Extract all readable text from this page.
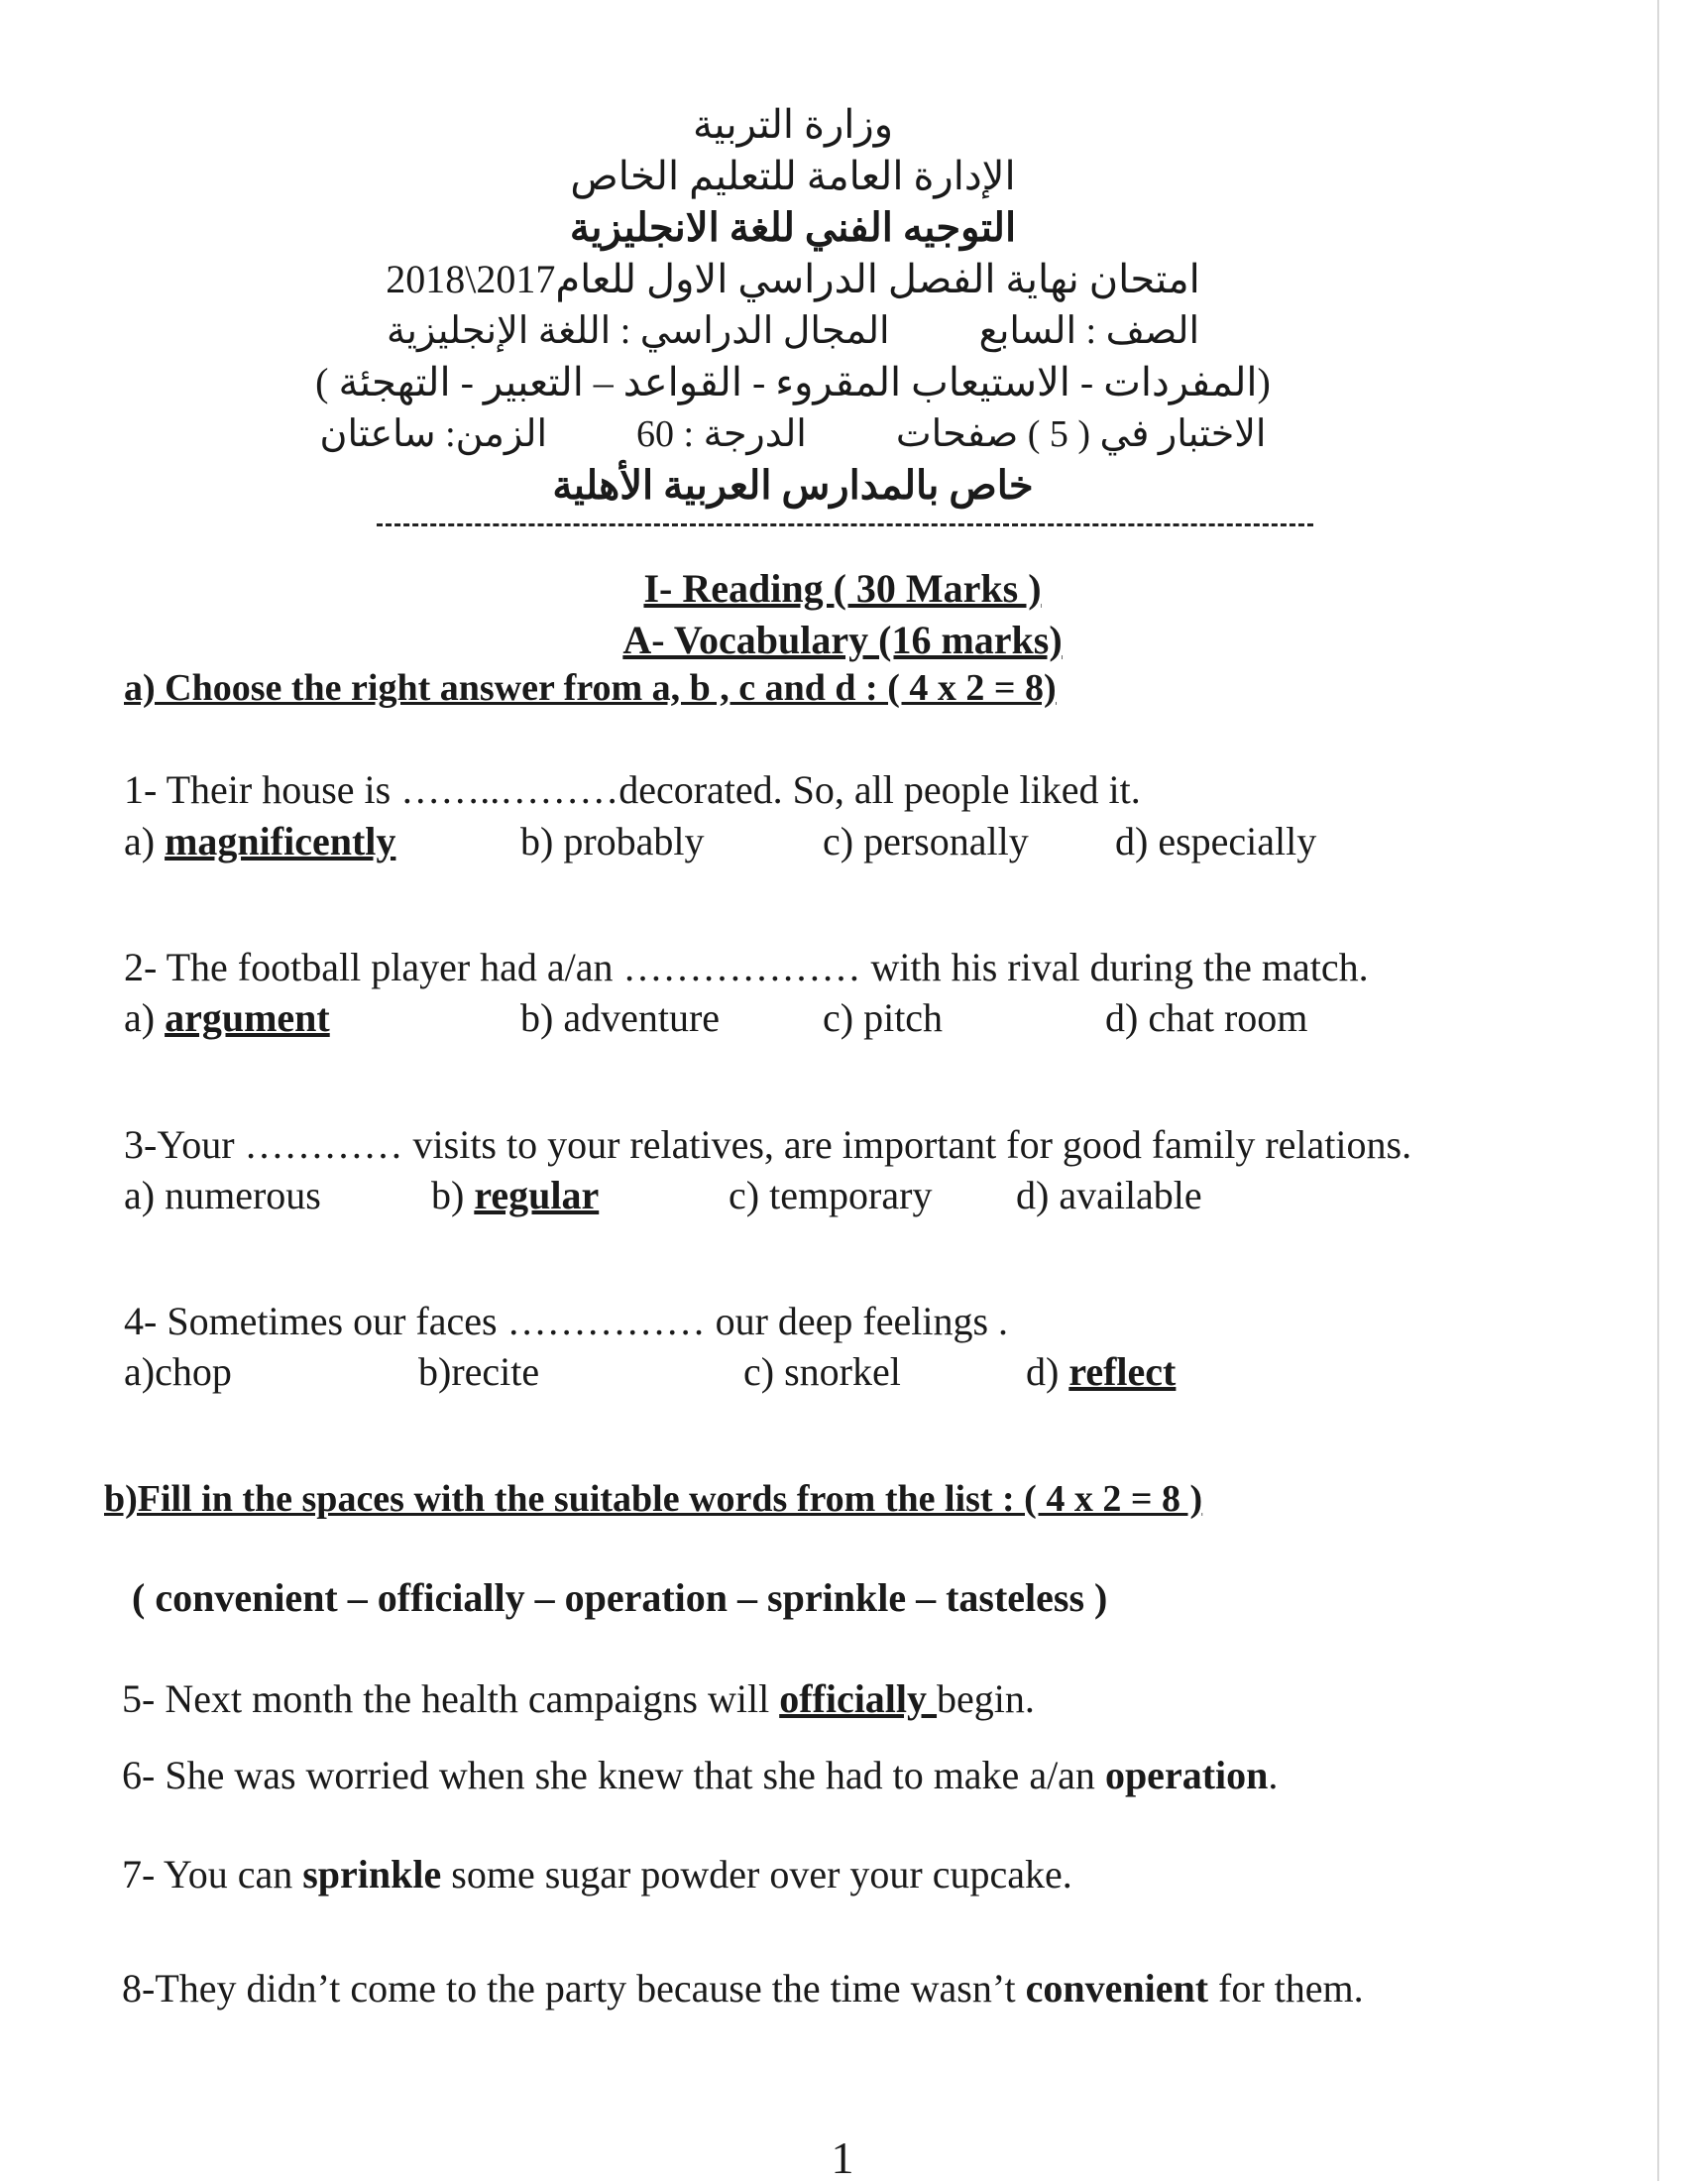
وزارة التربية
الإدارة العامة للتعليم الخاص
التوجيه الفني للغة الانجليزية
امتحان نهاية الفصل الدراسي الاول للعام2017\2018
الصف : السابع
المجال الدراسي : اللغة الإنجليزية
(المفردات - الاستيعاب المقروء - القواعد – التعبير - التهجئة )
الاختبار في ( 5 ) صفحات
الدرجة : 60
الزمن: ساعتان
خاص بالمدارس العربية الأهلية
I- Reading ( 30 Marks )
A- Vocabulary (16 marks)
a) Choose the right answer from a, b , c and d : ( 4 x 2 = 8)
1- Their house is ……..………decorated. So, all people liked it.
a) magnificently	b) probably	c) personally d) especially
2- The football player had a/an ……………… with his rival during the match.
a) argument	b) adventure	c) pitch	d) chat room
3-Your ………… visits to your relatives, are important for good family relations.
a) numerous	b) regular	c) temporary d) available
4- Sometimes our faces …………… our deep feelings .
a)chop	b)recite	c) snorkel	d) reflect
b)Fill in the spaces with the suitable words from the list : ( 4 x 2 = 8 )
( convenient – officially – operation – sprinkle – tasteless )
5- Next month the health campaigns will officially begin.
6- She was worried when she knew that she had to make a/an operation.
7- You can sprinkle some sugar powder over your cupcake.
8-They didn’t come to the party because the time wasn’t convenient for them.
1
